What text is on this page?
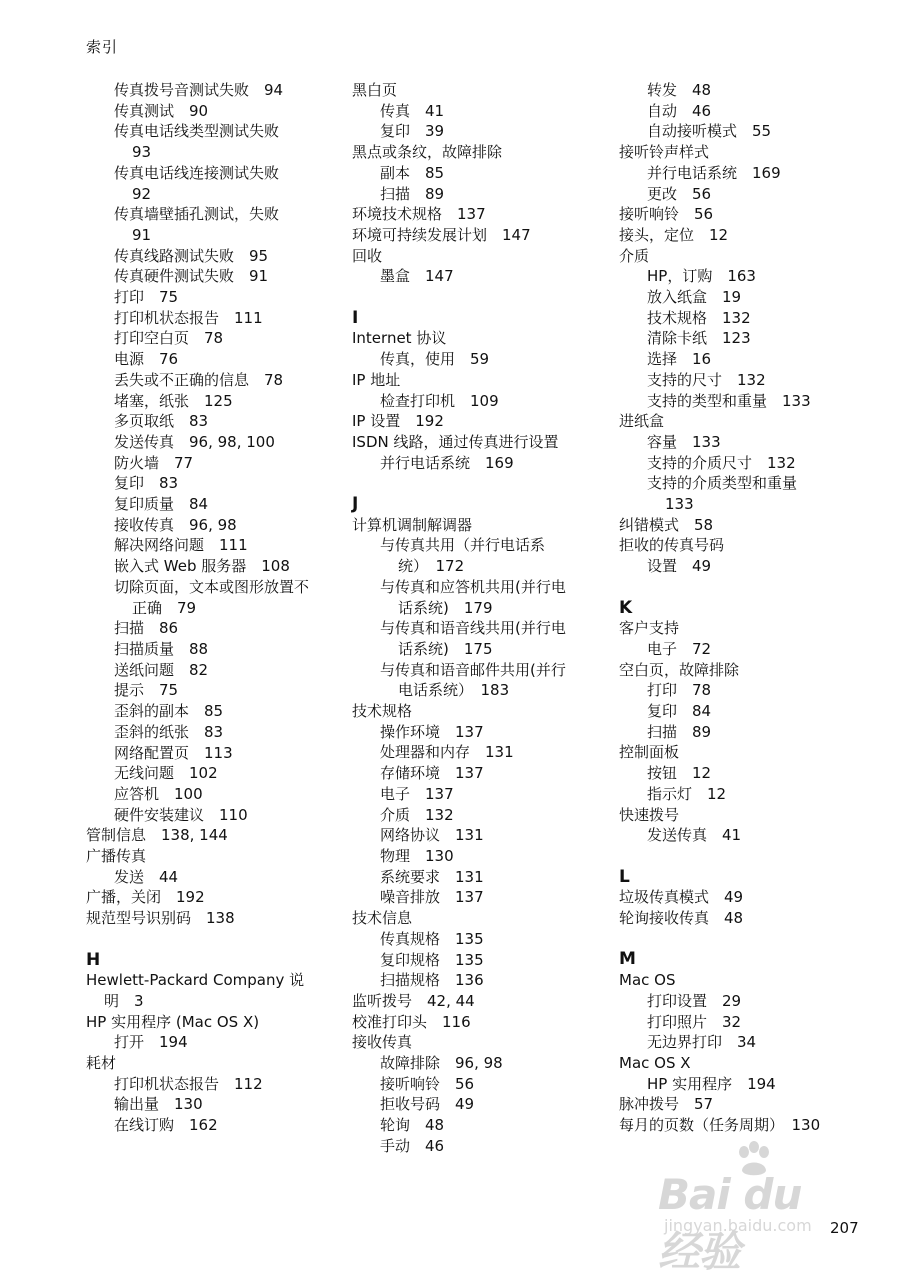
索引
传真拨号音测试失败　94
传真测试　90
传真电话线类型测试失败
93
传真电话线连接测试失败
92
传真墙壁插孔测试，失败
91
传真线路测试失败　95
传真硬件测试失败　91
打印　75
打印机状态报告　111
打印空白页　78
电源　76
丢失或不正确的信息　78
堵塞，纸张　125
多页取纸　83
发送传真　96, 98, 100
防火墙　77
复印　83
复印质量　84
接收传真　96, 98
解决网络问题　111
嵌入式 Web 服务器　108
切除页面，文本或图形放置不
正确　79
扫描　86
扫描质量　88
送纸问题　82
提示　75
歪斜的副本　85
歪斜的纸张　83
网络配置页　113
无线问题　102
应答机　100
硬件安装建议　110
管制信息　138, 144
广播传真
发送　44
广播，关闭　192
规范型号识别码　138
H
Hewlett-Packard Company 说
明　3
HP 实用程序 (Mac OS X)
打开　194
耗材
打印机状态报告　112
输出量　130
在线订购　162
黑白页
传真　41
复印　39
黑点或条纹，故障排除
副本　85
扫描　89
环境技术规格　137
环境可持续发展计划　147
回收
墨盒　147
I
Internet 协议
传真，使用　59
IP 地址
检查打印机　109
IP 设置　192
ISDN 线路，通过传真进行设置
并行电话系统　169
J
计算机调制解调器
与传真共用（并行电话系
统）　172
与传真和应答机共用(并行电
话系统)　179
与传真和语音线共用(并行电
话系统)　175
与传真和语音邮件共用(并行
电话系统）　183
技术规格
操作环境　137
处理器和内存　131
存储环境　137
电子　137
介质　132
网络协议　131
物理　130
系统要求　131
噪音排放　137
技术信息
传真规格　135
复印规格　135
扫描规格　136
监听拨号　42, 44
校准打印头　116
接收传真
故障排除　96, 98
接听响铃　56
拒收号码　49
轮询　48
手动　46
转发　48
自动　46
自动接听模式　55
接听铃声样式
并行电话系统　169
更改　56
接听响铃　56
接头，定位　12
介质
HP，订购　163
放入纸盒　19
技术规格　132
清除卡纸　123
选择　16
支持的尺寸　132
支持的类型和重量　133
进纸盒
容量　133
支持的介质尺寸　132
支持的介质类型和重量
133
纠错模式　58
拒收的传真号码
设置　49
K
客户支持
电子　72
空白页，故障排除
打印　78
复印　84
扫描　89
控制面板
按钮　12
指示灯　12
快速拨号
发送传真　41
L
垃圾传真模式　49
轮询接收传真　48
M
Mac OS
打印设置　29
打印照片　32
无边界打印　34
Mac OS X
HP 实用程序　194
脉冲拨号　57
每月的页数（任务周期）　130
Bai du 经验
jingyan.baidu.com 207
